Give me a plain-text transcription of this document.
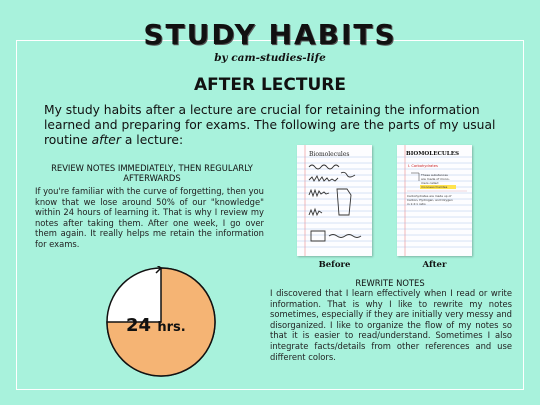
STUDY HABITS
by cam-studies-life
AFTER LECTURE
My study habits after a lecture are crucial for retaining the information learned and preparing for exams. The following are the parts of my usual routine after a lecture:
REVIEW NOTES IMMEDIATELY, THEN REGULARLY AFTERWARDS
If you're familiar with the curve of forgetting, then you know that we lose around 50% of our "knowledge" within 24 hours of learning it. That is why I review my notes after taking them. After one week, I go over them again. It really helps me retain the information for exams.
24 hrs.
Biomolecules
Before
BIOMOLECULES
I. Carbohydrates
These substances
are made of mono-
mers called
monosaccharides
Carbohydrates are made up of
Carbon, Hydrogen, and Oxygen
in 1:2:1 ratio
After
REWRITE NOTES
I discovered that I learn effectively when I read or write information. That is why I like to rewrite my notes sometimes, especially if they are initially very messy and disorganized. I like to organize the flow of my notes so that it is easier to read/understand. Sometimes I also integrate facts/details from other references and use different colors.
